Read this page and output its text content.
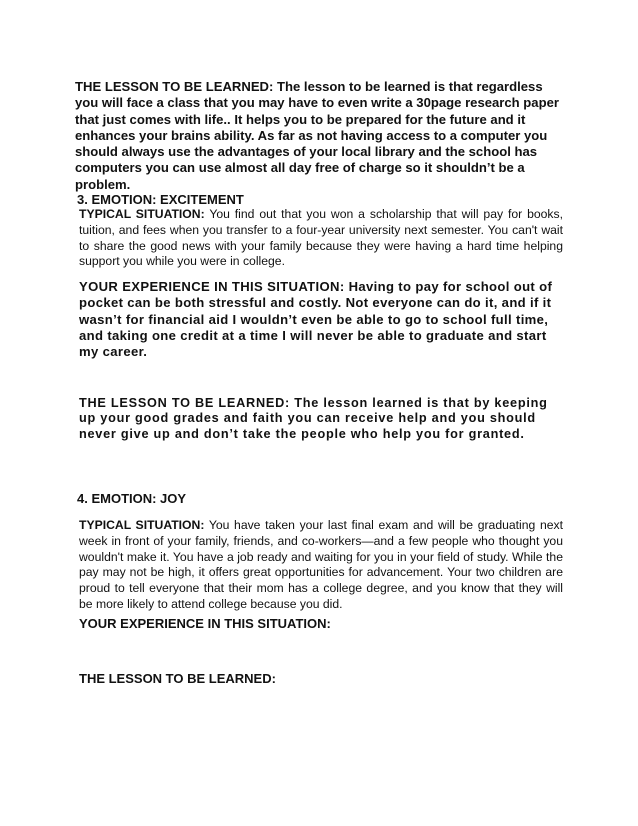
THE LESSON TO BE LEARNED: The lesson to be learned is that regardless you will face a class that you may have to even write a 30page research paper that just comes with life.. It helps you to be prepared for the future and it enhances your brains ability. As far as not having access to a computer you should always use the advantages of your local library and the school has computers you can use almost all day free of charge so it shouldn’t be a problem.

3. EMOTION: EXCITEMENT

TYPICAL SITUATION: You find out that you won a scholarship that will pay for books, tuition, and fees when you transfer to a four-year university next semester. You can't wait to share the good news with your family because they were having a hard time helping support you while you were in college.

YOUR EXPERIENCE IN THIS SITUATION: Having to pay for school out of pocket can be both stressful and costly. Not everyone can do it, and if it wasn’t for financial aid I wouldn’t even be able to go to school full time, and taking one credit at a time I will never be able to graduate and start my career.

THE LESSON TO BE LEARNED: The lesson learned is that by keeping up your good grades and faith you can receive help and you should never give up and don’t take the people who help you for granted.

4. EMOTION: JOY

TYPICAL SITUATION: You have taken your last final exam and will be graduating next week in front of your family, friends, and co-workers—and a few people who thought you wouldn't make it. You have a job ready and waiting for you in your field of study. While the pay may not be high, it offers great opportunities for advancement. Your two children are proud to tell everyone that their mom has a college degree, and you know that they will be more likely to attend college because you did.

YOUR EXPERIENCE IN THIS SITUATION:
THE LESSON TO BE LEARNED:
